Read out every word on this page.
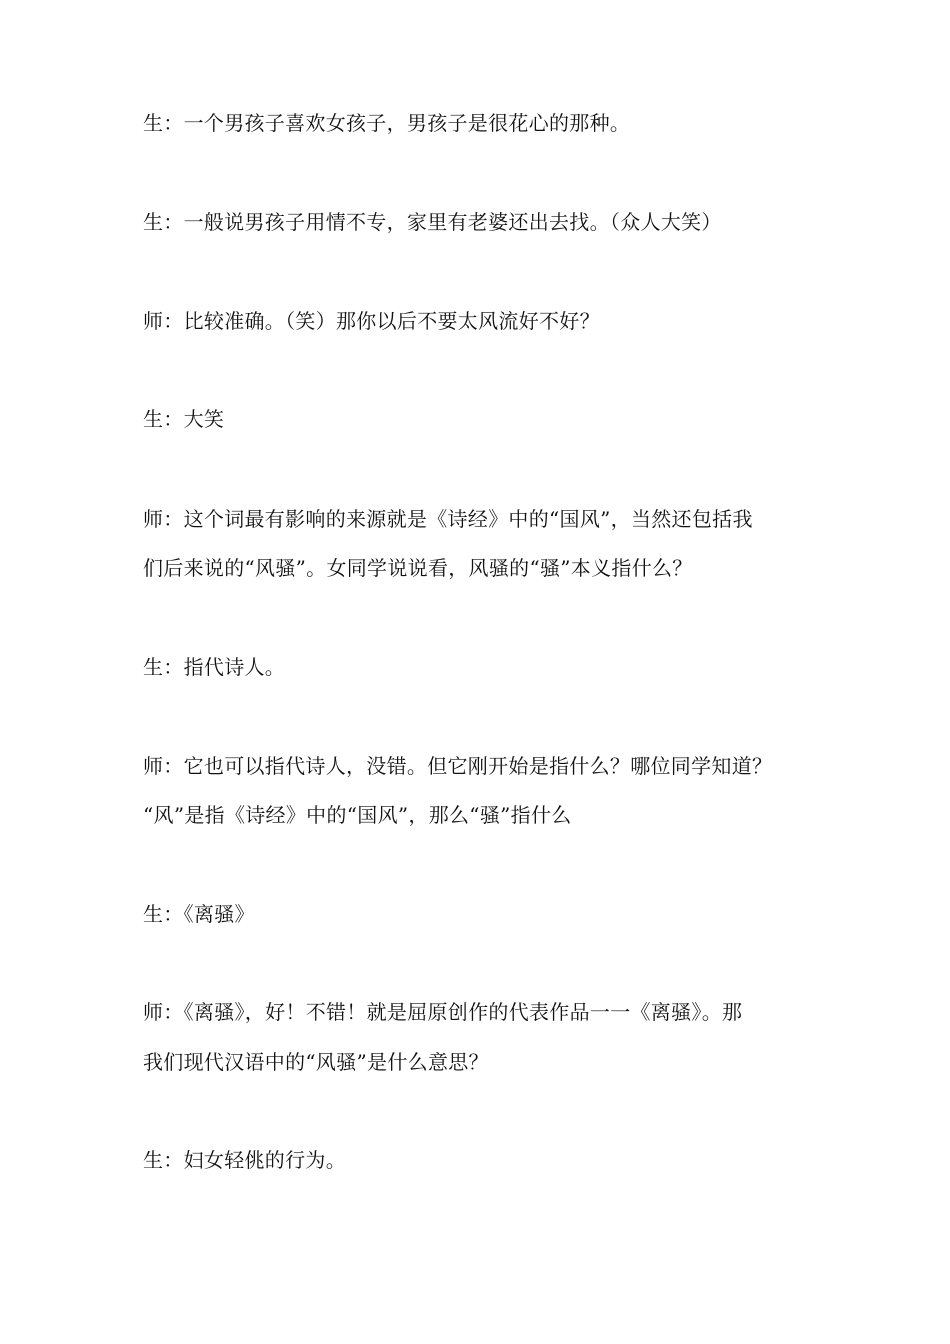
生：一个男孩子喜欢女孩子，男孩子是很花心的那种。
生：一般说男孩子用情不专，家里有老婆还出去找。（众人大笑）
师：比较准确。（笑）那你以后不要太风流好不好？
生：大笑
师：这个词最有影响的来源就是《诗经》中的“国风”，当然还包括我
们后来说的“风骚”。女同学说说看，风骚的“骚”本义指什么？
生：指代诗人。
师：它也可以指代诗人，没错。但它刚开始是指什么？哪位同学知道？
“风”是指《诗经》中的“国风”，那么“骚”指什么
生：《离骚》
师：《离骚》，好！不错！就是屈原创作的代表作品一一《离骚》。那
我们现代汉语中的“风骚”是什么意思？
生：妇女轻佻的行为。
